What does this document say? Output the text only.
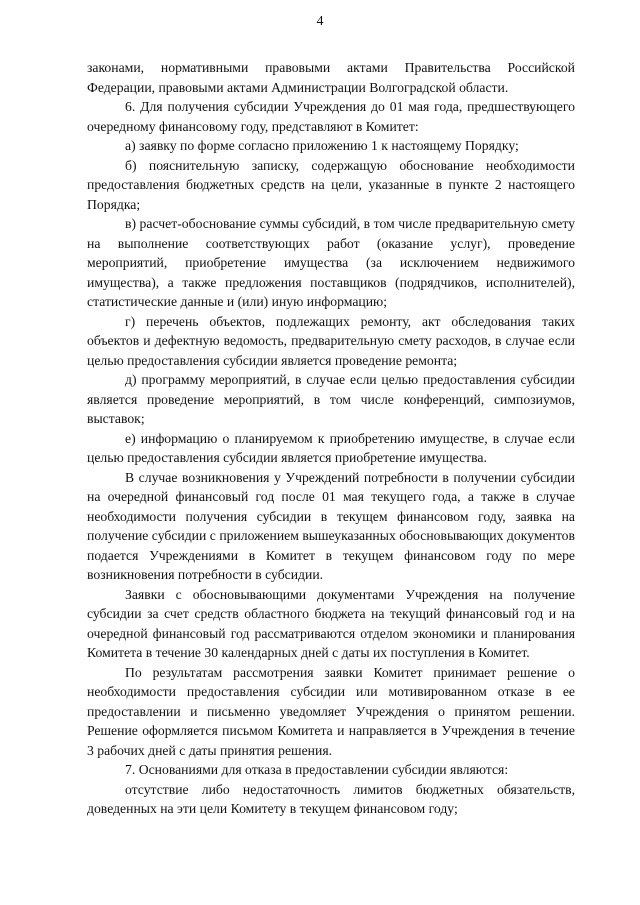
4

законами, нормативными правовыми актами Правительства Российской Федерации, правовыми актами Администрации Волгоградской области.

6. Для получения субсидии Учреждения до 01 мая года, предшествующего очередному финансовому году, представляют в Комитет:

а) заявку по форме согласно приложению 1 к настоящему Порядку;

б) пояснительную записку, содержащую обоснование необходимости предоставления бюджетных средств на цели, указанные в пункте 2 настоящего Порядка;

в) расчет-обоснование суммы субсидий, в том числе предварительную смету на выполнение соответствующих работ (оказание услуг), проведение мероприятий, приобретение имущества (за исключением недвижимого имущества), а также предложения поставщиков (подрядчиков, исполнителей), статистические данные и (или) иную информацию;

г) перечень объектов, подлежащих ремонту, акт обследования таких объектов и дефектную ведомость, предварительную смету расходов, в случае если целью предоставления субсидии является проведение ремонта;

д) программу мероприятий, в случае если целью предоставления субсидии является проведение мероприятий, в том числе конференций, симпозиумов, выставок;

е) информацию о планируемом к приобретению имуществе, в случае если целью предоставления субсидии является приобретение имущества.

В случае возникновения у Учреждений потребности в получении субсидии на очередной финансовый год после 01 мая текущего года, а также в случае необходимости получения субсидии в текущем финансовом году, заявка на получение субсидии с приложением вышеуказанных обосновывающих документов подается Учреждениями в Комитет в текущем финансовом году по мере возникновения потребности в субсидии.

Заявки с обосновывающими документами Учреждения на получение субсидии за счет средств областного бюджета на текущий финансовый год и на очередной финансовый год рассматриваются отделом экономики и планирования Комитета в течение 30 календарных дней с даты их поступления в Комитет.

По результатам рассмотрения заявки Комитет принимает решение о необходимости предоставления субсидии или мотивированном отказе в ее предоставлении и письменно уведомляет Учреждения о принятом решении. Решение оформляется письмом Комитета и направляется в Учреждения в течение 3 рабочих дней с даты принятия решения.

7. Основаниями для отказа в предоставлении субсидии являются:

отсутствие либо недостаточность лимитов бюджетных обязательств, доведенных на эти цели Комитету в текущем финансовом году;
